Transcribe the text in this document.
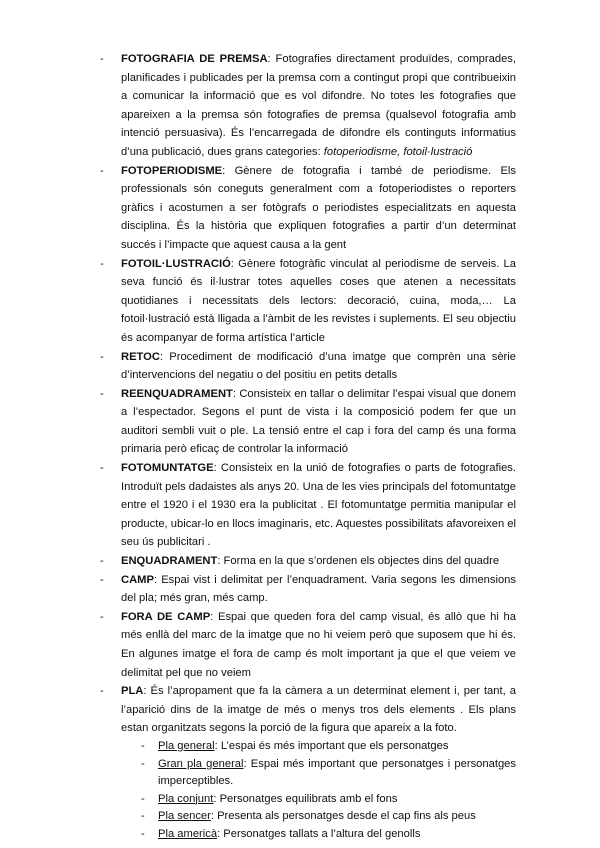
- FOTOGRAFIA DE PREMSA: Fotografies directament produïdes, comprades, planificades i publicades per la premsa com a contingut propi que contribueixin a comunicar la informació que es vol difondre. No totes les fotografies que apareixen a la premsa són fotografies de premsa (qualsevol fotografia amb intenció persuasiva). És l’encarregada de difondre els continguts informatius d’una publicació, dues grans categories: fotoperiodisme, fotoil·lustració
- FOTOPERIODISME: Gènere de fotografia i també de periodisme. Els professionals són coneguts generalment com a fotoperiodistes o reporters gràfics i acostumen a ser fotògrafs o periodistes especialitzats en aquesta disciplina. És la història que expliquen fotografies a partir d’un determinat succés i l’impacte que aquest causa a la gent
- FOTOIL·LUSTRACIÓ: Gènere fotogràfic vinculat al periodisme de serveis. La seva funció és il·lustrar totes aquelles coses que atenen a necessitats quotidianes i necessitats dels lectors: decoració, cuina, moda,… La fotoil·lustració està lligada a l’àmbit de les revistes i suplements. El seu objectiu és acompanyar de forma artística l’article
- RETOC: Procediment de modificació d’una imatge que comprèn una sèrie d’intervencions del negatiu o del positiu en petits detalls
- REENQUADRAMENT: Consisteix en tallar o delimitar l’espai visual que donem a l’espectador. Segons el punt de vista i la composició podem fer que un auditori sembli vuit o ple. La tensió entre el cap i fora del camp és una forma primaria però eficaç de controlar la informació
- FOTOMUNTATGE: Consisteix en la unió de fotografies o parts de fotografies. Introduït pels dadaistes als anys 20. Una de les vies principals del fotomuntatge entre el 1920 i el 1930 era la publicitat . El fotomuntatge permitia manipular el producte, ubicar-lo en llocs imaginaris, etc. Aquestes possibilitats afavoreixen el seu ús publicitari .
- ENQUADRAMENT: Forma en la que s’ordenen els objectes dins del quadre
- CAMP: Espai vist i delimitat per l’enquadrament. Varia segons les dimensions del pla; més gran, més camp.
- FORA DE CAMP: Espai que queden fora del camp visual, és allò que hi ha més enllà del marc de la imatge que no hi veiem però que suposem que hi és. En algunes imatge el fora de camp és molt important ja que el que veiem ve delimitat pel que no veiem
- PLA: És l’apropament que fa la càmera a un determinat element i, per tant, a l’aparició dins de la imatge de més o menys tros dels elements . Els plans estan organitzats segons la porció de la figura que apareix a la foto.
- Pla general: L’espai és més important que els personatges
- Gran pla general: Espai més important que personatges i personatges imperceptibles.
- Pla conjunt: Personatges equilibrats amb el fons
- Pla sencer: Presenta als personatges desde el cap fins als peus
- Pla americà: Personatges tallats a l’altura del genolls
